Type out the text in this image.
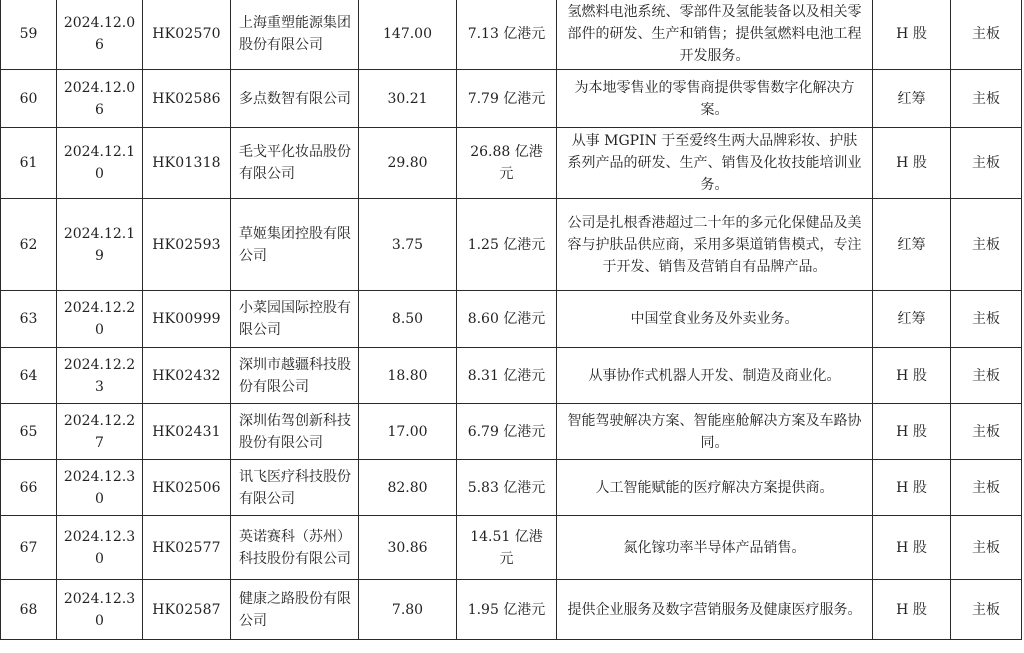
59	2024.12.06	HK02570	上海重塑能源集团股份有限公司	147.00	7.13 亿港元	氢燃料电池系统、零部件及氢能装备以及相关零部件的研发、生产和销售；提供氢燃料电池工程开发服务。	H 股	主板
60	2024.12.06	HK02586	多点数智有限公司	30.21	7.79 亿港元	为本地零售业的零售商提供零售数字化解决方案。	红筹	主板
61	2024.12.10	HK01318	毛戈平化妆品股份有限公司	29.80	26.88 亿港元	从事 MGPIN 于至爱终生两大品牌彩妆、护肤系列产品的研发、生产、销售及化妆技能培训业务。	H 股	主板
62	2024.12.19	HK02593	草姬集团控股有限公司	3.75	1.25 亿港元	公司是扎根香港超过二十年的多元化保健品及美容与护肤品供应商，采用多渠道销售模式，专注于开发、销售及营销自有品牌产品。	红筹	主板
63	2024.12.20	HK00999	小菜园国际控股有限公司	8.50	8.60 亿港元	中国堂食业务及外卖业务。	红筹	主板
64	2024.12.23	HK02432	深圳市越疆科技股份有限公司	18.80	8.31 亿港元	从事协作式机器人开发、制造及商业化。	H 股	主板
65	2024.12.27	HK02431	深圳佑驾创新科技股份有限公司	17.00	6.79 亿港元	智能驾驶解决方案、智能座舱解决方案及车路协同。	H 股	主板
66	2024.12.30	HK02506	讯飞医疗科技股份有限公司	82.80	5.83 亿港元	人工智能赋能的医疗解决方案提供商。	H 股	主板
67	2024.12.30	HK02577	英诺赛科（苏州）科技股份有限公司	30.86	14.51 亿港元	氮化镓功率半导体产品销售。	H 股	主板
68	2024.12.30	HK02587	健康之路股份有限公司	7.80	1.95 亿港元	提供企业服务及数字营销服务及健康医疗服务。	H 股	主板
